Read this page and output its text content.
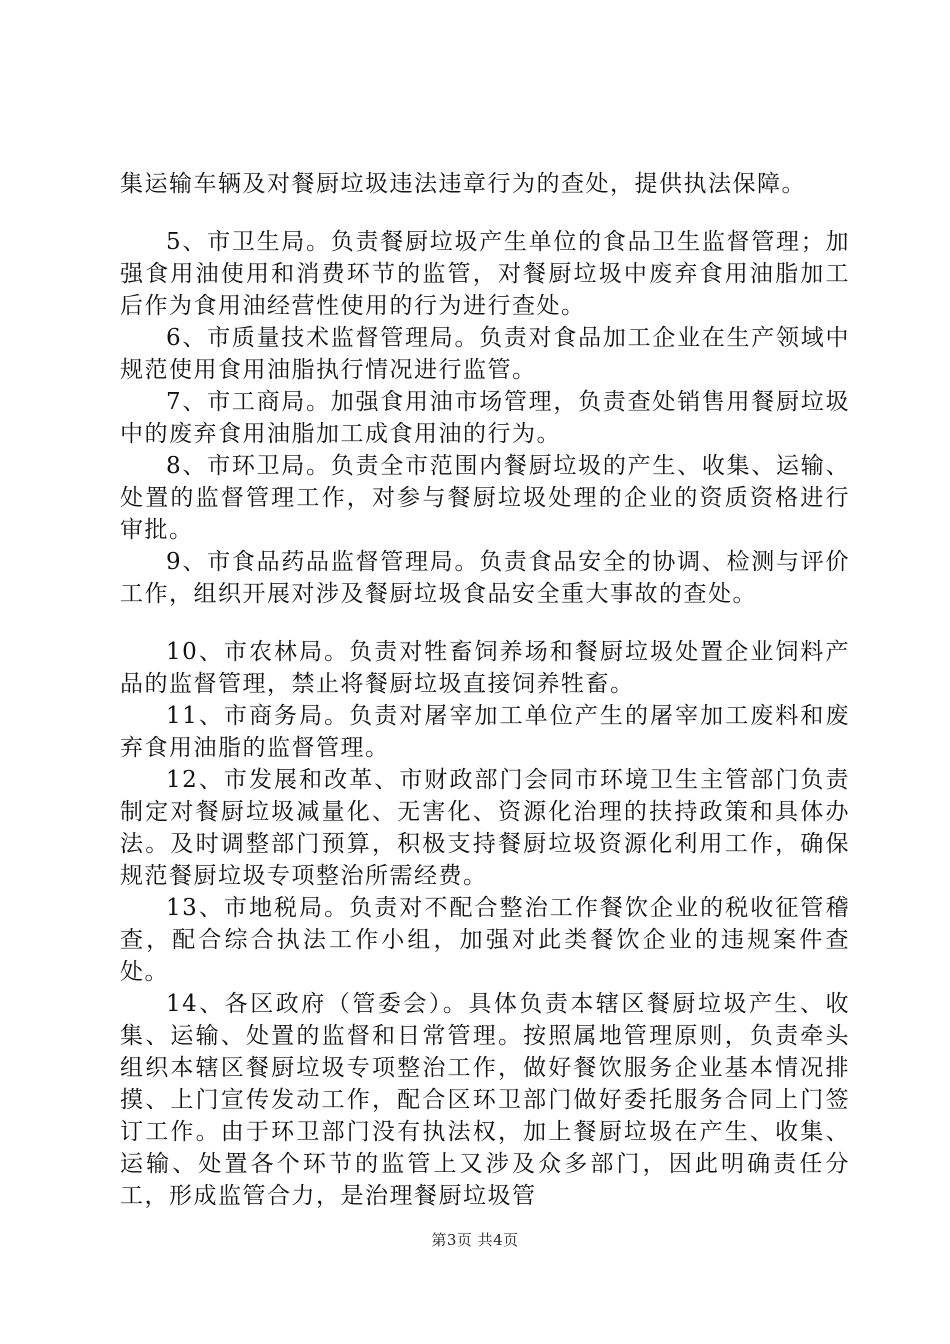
集运输车辆及对餐厨垃圾违法违章行为的查处，提供执法保障。

5、市卫生局。负责餐厨垃圾产生单位的食品卫生监督管理；加强食用油使用和消费环节的监管，对餐厨垃圾中废弃食用油脂加工后作为食用油经营性使用的行为进行查处。

6、市质量技术监督管理局。负责对食品加工企业在生产领域中规范使用食用油脂执行情况进行监管。

7、市工商局。加强食用油市场管理，负责查处销售用餐厨垃圾中的废弃食用油脂加工成食用油的行为。

8、市环卫局。负责全市范围内餐厨垃圾的产生、收集、运输、处置的监督管理工作，对参与餐厨垃圾处理的企业的资质资格进行审批。

9、市食品药品监督管理局。负责食品安全的协调、检测与评价工作，组织开展对涉及餐厨垃圾食品安全重大事故的查处。

10、市农林局。负责对牲畜饲养场和餐厨垃圾处置企业饲料产品的监督管理，禁止将餐厨垃圾直接饲养牲畜。

11、市商务局。负责对屠宰加工单位产生的屠宰加工废料和废弃食用油脂的监督管理。

12、市发展和改革、市财政部门会同市环境卫生主管部门负责制定对餐厨垃圾减量化、无害化、资源化治理的扶持政策和具体办法。及时调整部门预算，积极支持餐厨垃圾资源化利用工作，确保规范餐厨垃圾专项整治所需经费。

13、市地税局。负责对不配合整治工作餐饮企业的税收征管稽查，配合综合执法工作小组，加强对此类餐饮企业的违规案件查处。

14、各区政府（管委会）。具体负责本辖区餐厨垃圾产生、收集、运输、处置的监督和日常管理。按照属地管理原则，负责牵头组织本辖区餐厨垃圾专项整治工作，做好餐饮服务企业基本情况排摸、上门宣传发动工作，配合区环卫部门做好委托服务合同上门签订工作。由于环卫部门没有执法权，加上餐厨垃圾在产生、收集、运输、处置各个环节的监管上又涉及众多部门，因此明确责任分工，形成监管合力，是治理餐厨垃圾管

第3页 共4页
